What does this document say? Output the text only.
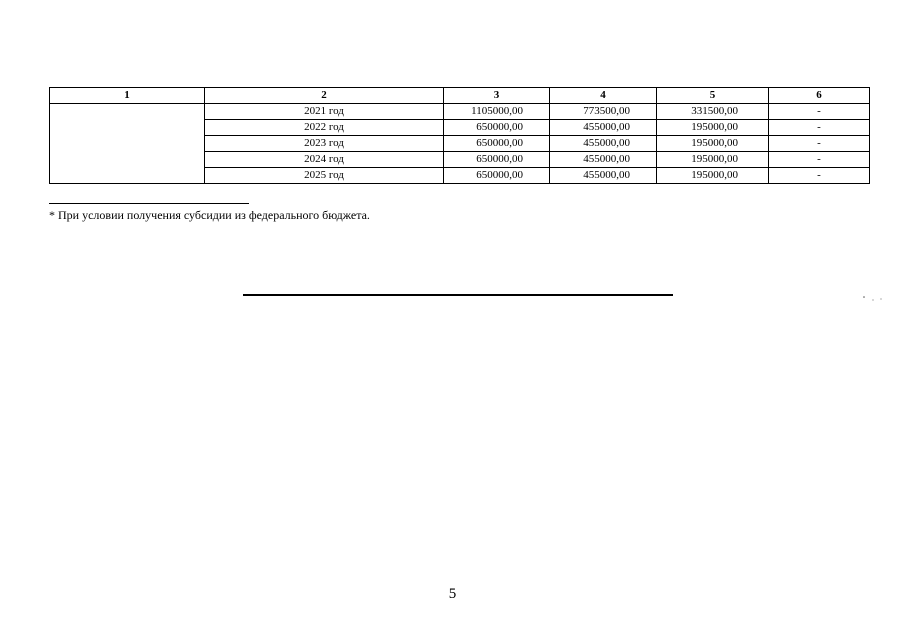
1	2	3	4	5	6
	2021 год	1105000,00	773500,00	331500,00	-
	2022 год	650000,00	455000,00	195000,00	-
	2023 год	650000,00	455000,00	195000,00	-
	2024 год	650000,00	455000,00	195000,00	-
	2025 год	650000,00	455000,00	195000,00	-
* При условии получения субсидии из федерального бюджета.
5
